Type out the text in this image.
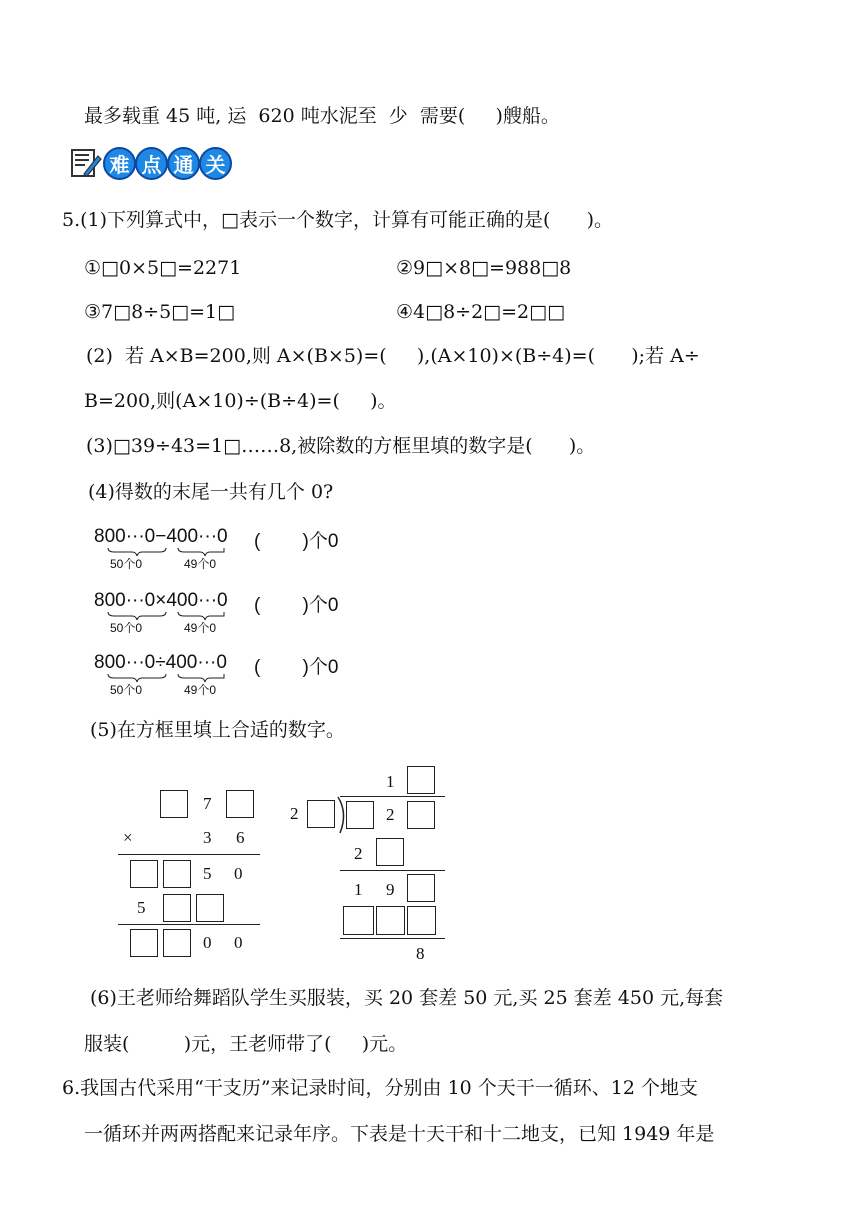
最多载重 45 吨, 运  620 吨水泥至  少  需要(     )艘船。
难 点 通 关
5.(1)下列算式中，□表示一个数字，计算有可能正确的是(      )。
①□0×5□=2271	②9□×8□=988□8
③7□8÷5□=1□	④4□8÷2□=2□□
(2)  若 A×B=200,则 A×(B×5)=(     ),(A×10)×(B÷4)=(      );若 A÷
B=200,则(A×10)÷(B÷4)=(     )。
(3)□39÷43=1□……8,被除数的方框里填的数字是(      )。
(4)得数的末尾一共有几个 0?
800···0−400···0
50个0	49个0
(        )个0
800···0×400···0
50个0	49个0
(        )个0
800···0÷400···0
50个0	49个0
(        )个0
(5)在方框里填上合适的数字。
7
×	3 6
5 0
5
0 0
1
2	2
2
1 9
8
(6)王老师给舞蹈队学生买服装，买 20 套差 50 元,买 25 套差 450 元,每套
服装(         )元，王老师带了(     )元。
6.我国古代采用“干支历”来记录时间，分别由 10 个天干一循环、12 个地支
一循环并两两搭配来记录年序。下表是十天干和十二地支，已知 1949 年是
